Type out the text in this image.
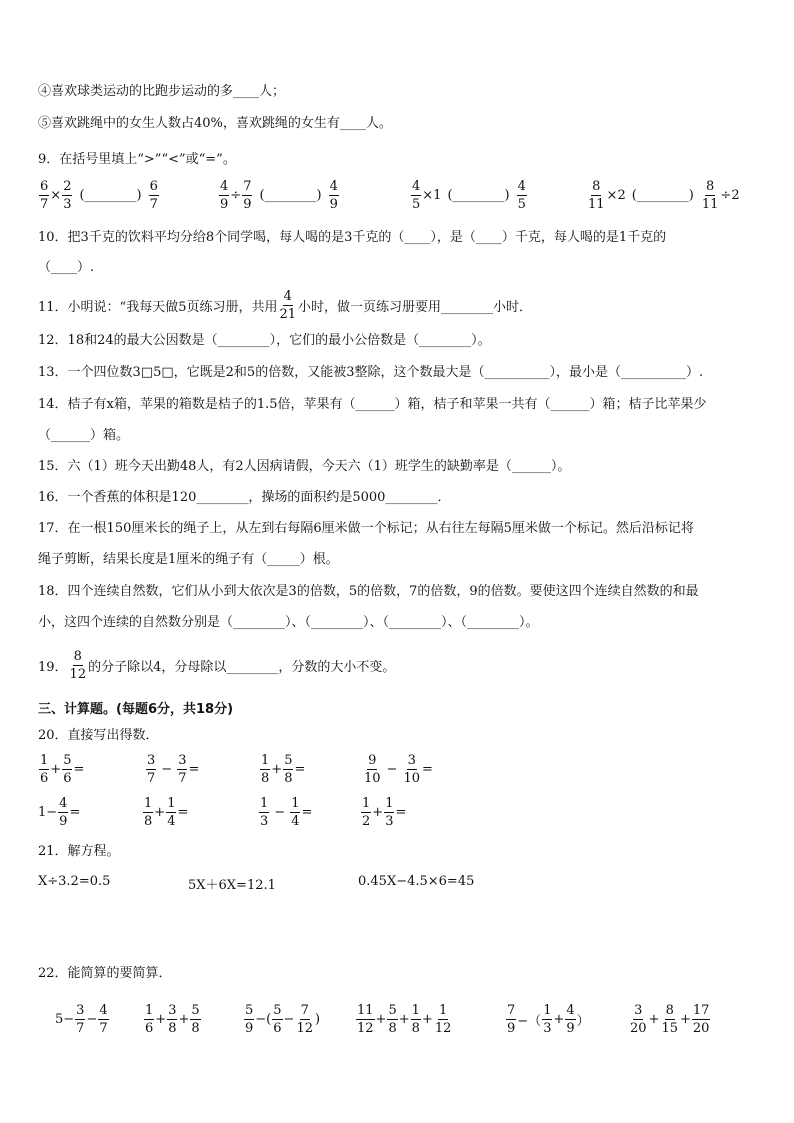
④喜欢球类运动的比跑步运动的多____人；
⑤喜欢跳绳中的女生人数占40%，喜欢跳绳的女生有____人。
9．在括号里填上“>”“<”或“=”。
$\frac{6}{7} \times \frac{2}{3}$ (________) $\frac{6}{7}$	$\frac{4}{9} \div \frac{7}{9}$ (________) $\frac{4}{9}$	$\frac{4}{5} \times 1$ (________) $\frac{4}{5}$	$\frac{8}{11} \times 2$ (________) $\frac{8}{11} \div 2$
10．把3千克的饮料平均分给8个同学喝，每人喝的是3千克的（____），是（____）千克，每人喝的是1千克的
（____）.
11．小明说：“我每天做5页练习册，共用 $\frac{4}{21}$ 小时，做一页练习册要用________小时．
12．18和24的最大公因数是（________），它们的最小公倍数是（________）。
13．一个四位数3□5□，它既是2和5的倍数，又能被3整除，这个数最大是（__________），最小是（__________）.
14．桔子有x箱，苹果的箱数是桔子的1.5倍，苹果有（______）箱，桔子和苹果一共有（______）箱；桔子比苹果少
（______）箱。
15．六（1）班今天出勤48人，有2人因病请假，今天六（1）班学生的缺勤率是（______）。
16．一个香蕉的体积是120________，操场的面积约是5000________．
17．在一根150厘米长的绳子上，从左到右每隔6厘米做一个标记；从右往左每隔5厘米做一个标记。然后沿标记将
绳子剪断，结果长度是1厘米的绳子有（_____）根。
18．四个连续自然数，它们从小到大依次是3的倍数，5的倍数，7的倍数，9的倍数。要使这四个连续自然数的和最
小，这四个连续的自然数分别是（________）、（________）、（________）、（________）。
19． $\frac{8}{12}$ 的分子除以4，分母除以________，分数的大小不变。
三、计算题。(每题6分，共18分)
20．直接写出得数．
$\frac{1}{6} + \frac{5}{6}$ =	$\frac{3}{7} - \frac{3}{7}$ =	$\frac{1}{8} + \frac{5}{8}$ =	$\frac{9}{10} - \frac{3}{10}$ =
$1- \frac{4}{9}$ =	$\frac{1}{8} + \frac{1}{4}$ =	$\frac{1}{3} - \frac{1}{4}$ =	$\frac{1}{2} + \frac{1}{3}$ =
21．解方程。
X÷3.2=0.5	5X＋6X=12.1	0.45X−4.5×6=45
22．能简算的要简算．
$5- \frac{3}{7} - \frac{4}{7}$	$\frac{1}{6} + \frac{3}{8} + \frac{5}{8}$	$\frac{5}{9}$ −( $\frac{5}{6} - \frac{7}{12}$ )	$\frac{11}{12} + \frac{5}{8} + \frac{1}{8} + \frac{1}{12}$	$\frac{7}{9}$ −（ $\frac{1}{3} + \frac{4}{9}$ ）	$\frac{3}{20} + \frac{8}{15} + \frac{17}{20}$
